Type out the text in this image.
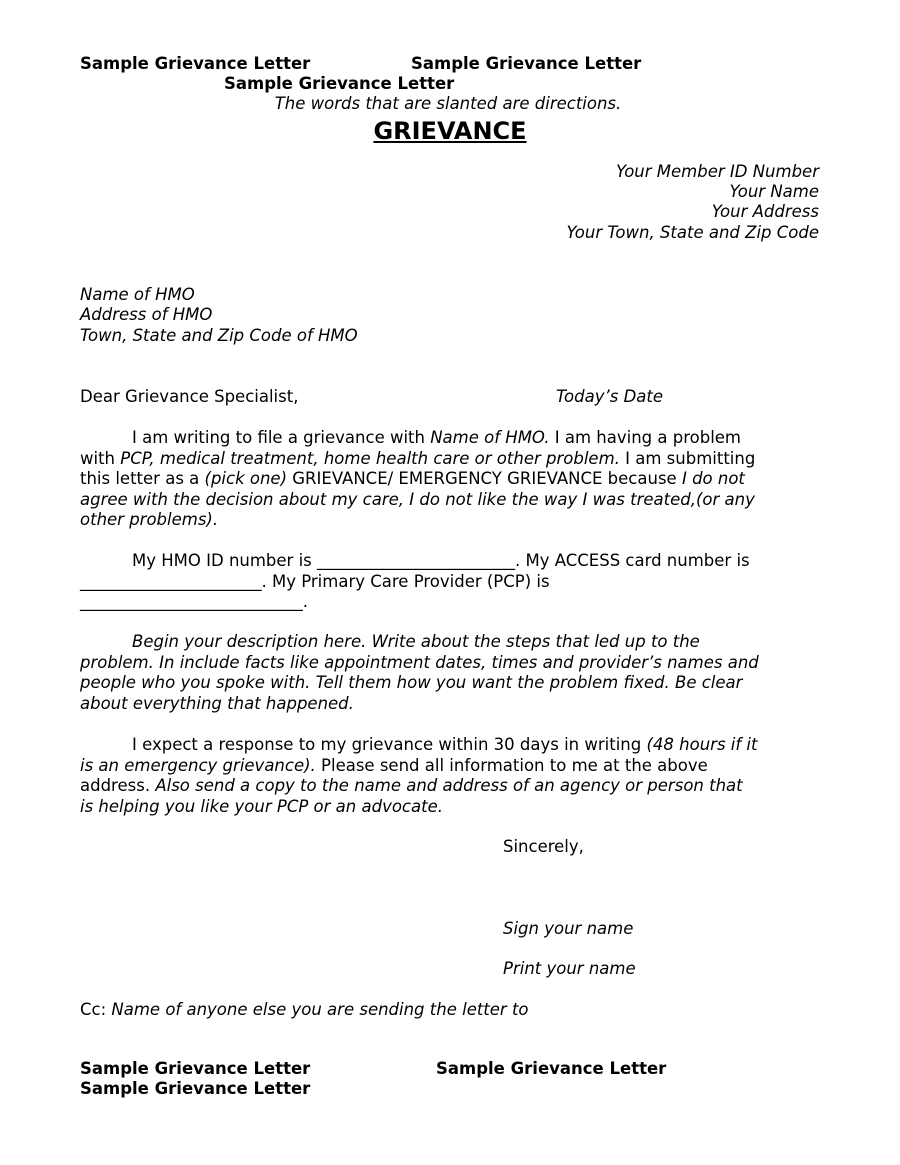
Sample Grievance Letter	Sample Grievance Letter
Sample Grievance Letter
The words that are slanted are directions.
GRIEVANCE
Your Member ID Number
Your Name
Your Address
Your Town, State and Zip Code
Name of HMO
Address of HMO
Town, State and Zip Code of HMO
Dear Grievance Specialist,	Today’s Date
I am writing to file a grievance with Name of HMO. I am having a problem
with PCP, medical treatment, home health care or other problem. I am submitting
this letter as a (pick one) GRIEVANCE/ EMERGENCY GRIEVANCE because I do not
agree with the decision about my care, I do not like the way I was treated,(or any
other problems).
My HMO ID number is ________________________. My ACCESS card number is
______________________. My Primary Care Provider (PCP) is
___________________________.
Begin your description here. Write about the steps that led up to the
problem. In include facts like appointment dates, times and provider’s names and
people who you spoke with. Tell them how you want the problem fixed. Be clear
about everything that happened.
I expect a response to my grievance within 30 days in writing (48 hours if it
is an emergency grievance). Please send all information to me at the above
address. Also send a copy to the name and address of an agency or person that
is helping you like your PCP or an advocate.
Sincerely,
Sign your name
Print your name
Cc: Name of anyone else you are sending the letter to
Sample Grievance Letter	Sample Grievance Letter
Sample Grievance Letter
